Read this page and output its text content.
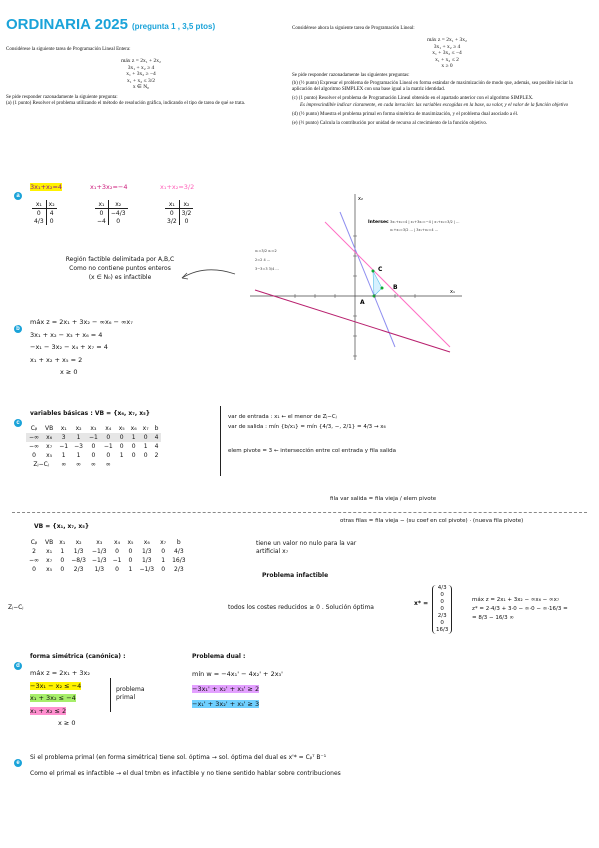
ORDINARIA 2025 (pregunta 1 , 3,5 ptos)
Considérese la siguiente tarea de Programación Lineal Entera:
máx z = 2x₁ + 2x₂
3x₁ + x₂ ≥ 4
x₁ + 3x₂ ≥ −4
x₁ + x₂ ≤ 3/2
x ∈ N₀
Se pide responder razonadamente la siguiente pregunta:
(a) (1 punto) Resolver el problema utilizando el método de resolución gráfica, indicando el tipo de tarea de qué se trata.
Considérese ahora la siguiente tarea de Programación Lineal:
máx z = 2x₁ + 3x₂
3x₁ + x₂ ≥ 4
x₁ + 3x₂ ≤ −4
x₁ + x₂ ≤ 2
x ≥ 0
Se pide responder razonadamente las siguientes preguntas:
(b) (½ punto) Expresar el problema de Programación Lineal en forma estándar de maximización de modo que, además, sea posible iniciar la aplicación del algoritmo SIMPLEX con una base igual a la matriz identidad.
(c) (1 punto) Resolver el problema de Programación Lineal obtenido en el apartado anterior con el algoritmo SIMPLEX.
Es imprescindible indicar claramente, en cada iteración: las variables escogidas en la base, su valor, y el valor de la función objetivo
(d) (½ punto) Muestra el problema primal en forma simétrica de maximización, y el problema dual asociado a él.
(e) (½ punto) Calcula la contribución por unidad de recurso al crecimiento de la función objetivo.
a
3x₁+x₂=4	x₁+3x₂=−4	x₁+x₂=3/2
x₁	x₂
0	4
4/3	0
x₁	x₂
0	−4/3
−4	0
x₁	x₂
0	3/2
3/2	0
Región factible delimitada por A,B,C
Como no contiene puntos enteros
(x ∈ N₀) es infactible
x₁
x₂
A
B
C
Intersec 3x₁+x₂=4 | x₁+3x₂=−4 | x₁+x₂=3/2 | ...
x₁+x₂=3/2 ... | 3x₁+x₂=4 ...
x₁=3/2 x₂=2
2=2 4 ...
3−3=3 3/4 ...
b
máx z = 2x₁ + 3x₂ − ∞x₆ − ∞x₇
3x₁ + x₂ − x₃ + x₆ = 4
−x₁ − 3x₂ − x₄ + x₇ = 4
x₁ + x₂ + x₅ = 2
x ≥ 0
c
variables básicas : VB = {x₆, x₇, x₅}
Cᵦ	VB	x₁	x₂	x₃	x₄	x₅	x₆	x₇	b
−∞	x₆	3	1	−1	0	0	1	0	4
−∞	x₇	−1	−3	0	−1	0	0	1	4
0	x₅	1	1	0	0	1	0	0	2
Zⱼ−Cⱼ		∞	∞	∞	∞				
var de entrada : x₁ ← el menor de Zⱼ−Cⱼ
var de salida : mín {b/x₁} = mín {4/3, −, 2/1} = 4/3 → x₆
elem pivote = 3 ← intersección entre col entrada y fila salida
fila var salida = fila vieja / elem pivote
otras filas = fila vieja − (su coef en col pivote) · (nueva fila pivote)
VB = {x₁, x₇, x₅}
Cᵦ	VB	x₁	x₂	x₃	x₄	x₅	x₆	x₇	b
2	x₁	1	1/3	−1/3	0	0	1/3	0	4/3
−∞	x₇	0	−8/3	−1/3	−1	0	1/3	1	16/3
0	x₅	0	2/3	1/3	0	1	−1/3	0	2/3
Zⱼ−Cⱼ
tiene un valor no nulo para la var artificial x₇
Problema infactible
todos los costes reducidos ≥ 0 . Solución óptima
x* =
4/3
0
0
0
2/3
0
16/3
máx z = 2x₁ + 3x₂ − ∞x₆ − ∞x₇
z* = 2·4/3 + 3·0 − ∞·0 − ∞·16/3 =
= 8/3 − 16/3 ∞
d
forma simétrica (canónica) :
máx z = 2x₁ + 3x₂
−3x₁ − x₂ ≤ −4
x₁ + 3x₂ ≤ −4
x₁ + x₂ ≤ 2
x ≥ 0
problema primal
Problema dual :
mín w = −4x₁' − 4x₂' + 2x₃'
−3x₁' + x₂' + x₃' ≥ 2
−x₁' + 3x₂' + x₃' ≥ 3
e
Si el problema primal (en forma simétrica) tiene sol. óptima → sol. óptima del dual es x'* = Cᵦᵀ B⁻¹
Como el primal es infactible → el dual tmbn es infactible y no tiene sentido hablar sobre contribuciones
